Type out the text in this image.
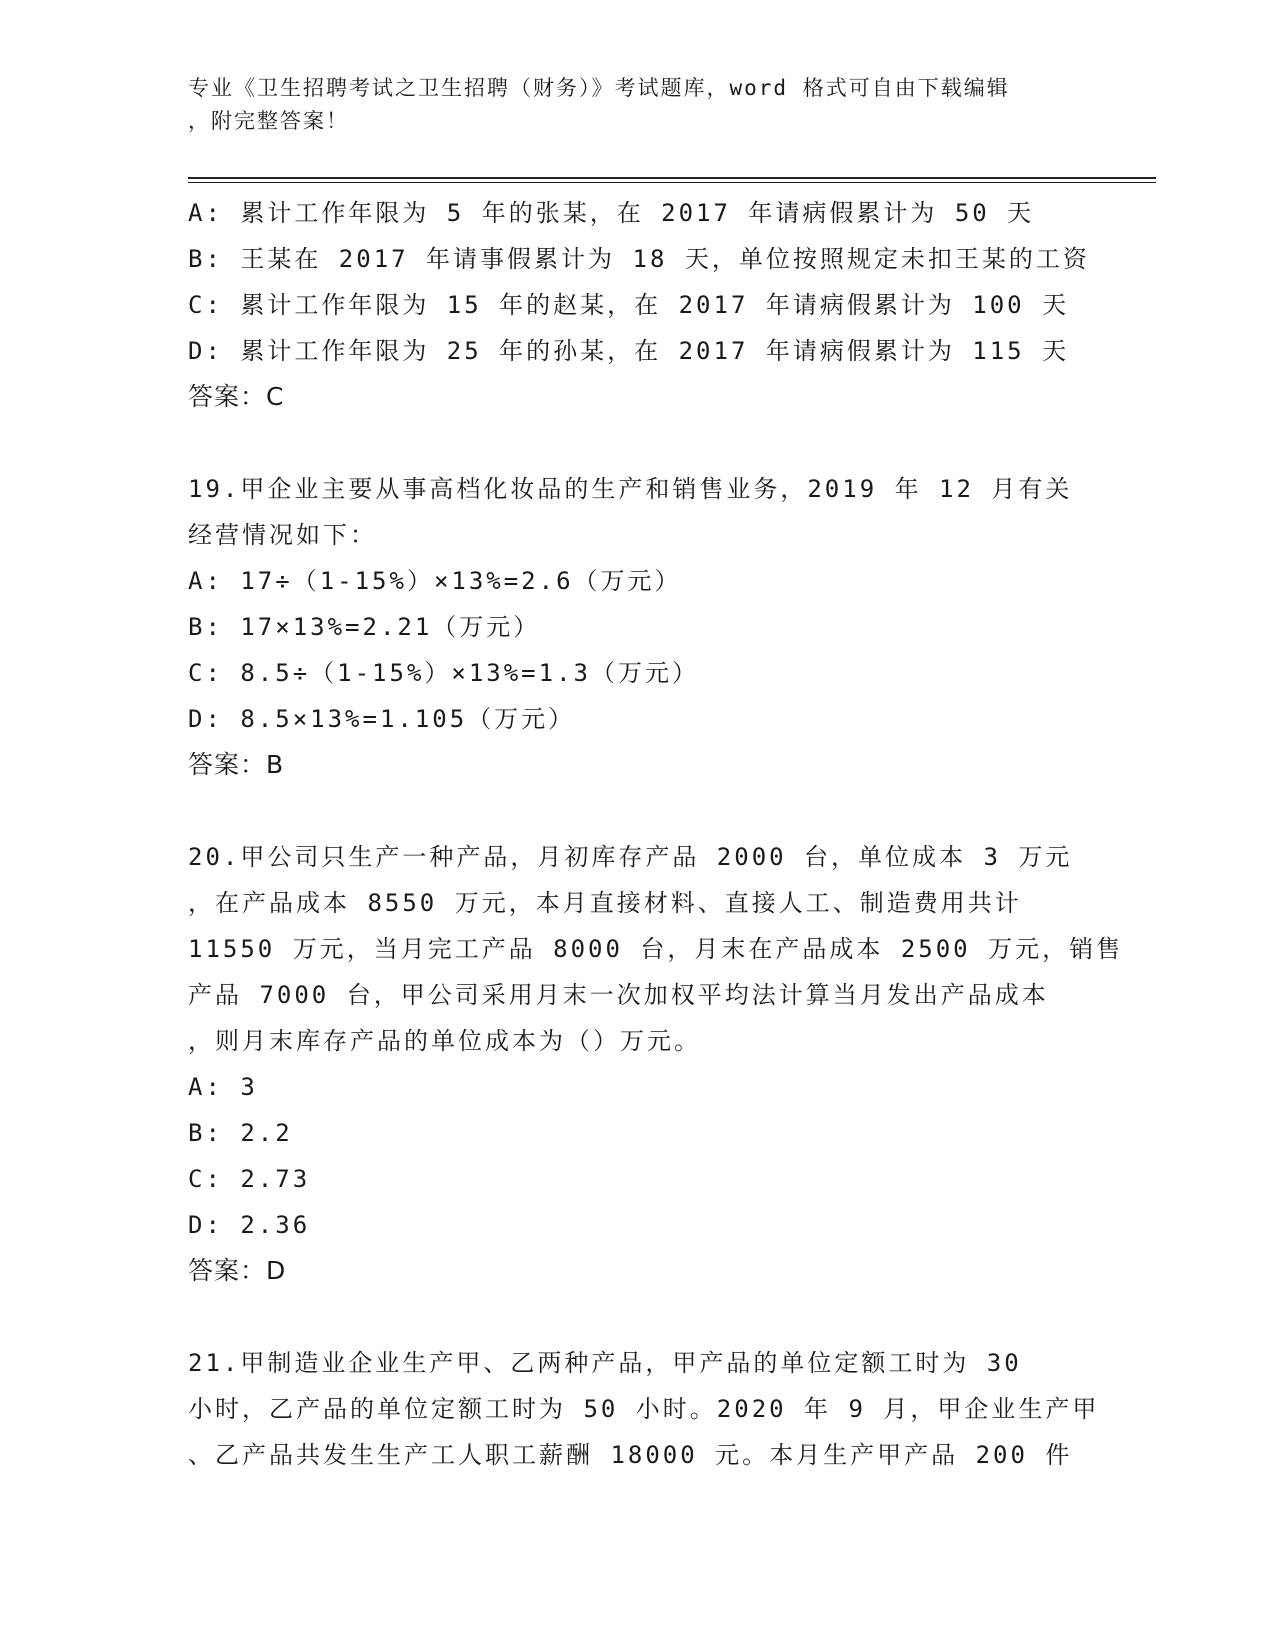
专业《卫生招聘考试之卫生招聘（财务）》考试题库，word 格式可自由下载编辑
，附完整答案！
A: 累计工作年限为 5 年的张某，在 2017 年请病假累计为 50 天
B: 王某在 2017 年请事假累计为 18 天，单位按照规定未扣王某的工资
C: 累计工作年限为 15 年的赵某，在 2017 年请病假累计为 100 天
D: 累计工作年限为 25 年的孙某，在 2017 年请病假累计为 115 天
答案：C
19.甲企业主要从事高档化妆品的生产和销售业务，2019 年 12 月有关
经营情况如下：
A: 17÷（1-15%）×13%=2.6（万元）
B: 17×13%=2.21（万元）
C: 8.5÷（1-15%）×13%=1.3（万元）
D: 8.5×13%=1.105（万元）
答案：B
20.甲公司只生产一种产品，月初库存产品 2000 台，单位成本 3 万元
，在产品成本 8550 万元，本月直接材料、直接人工、制造费用共计
11550 万元，当月完工产品 8000 台，月末在产品成本 2500 万元，销售
产品 7000 台，甲公司采用月末一次加权平均法计算当月发出产品成本
，则月末库存产品的单位成本为（）万元。
A: 3
B: 2.2
C: 2.73
D: 2.36
答案：D
21.甲制造业企业生产甲、乙两种产品，甲产品的单位定额工时为 30
小时，乙产品的单位定额工时为 50 小时。2020 年 9 月，甲企业生产甲
、乙产品共发生生产工人职工薪酬 18000 元。本月生产甲产品 200 件
